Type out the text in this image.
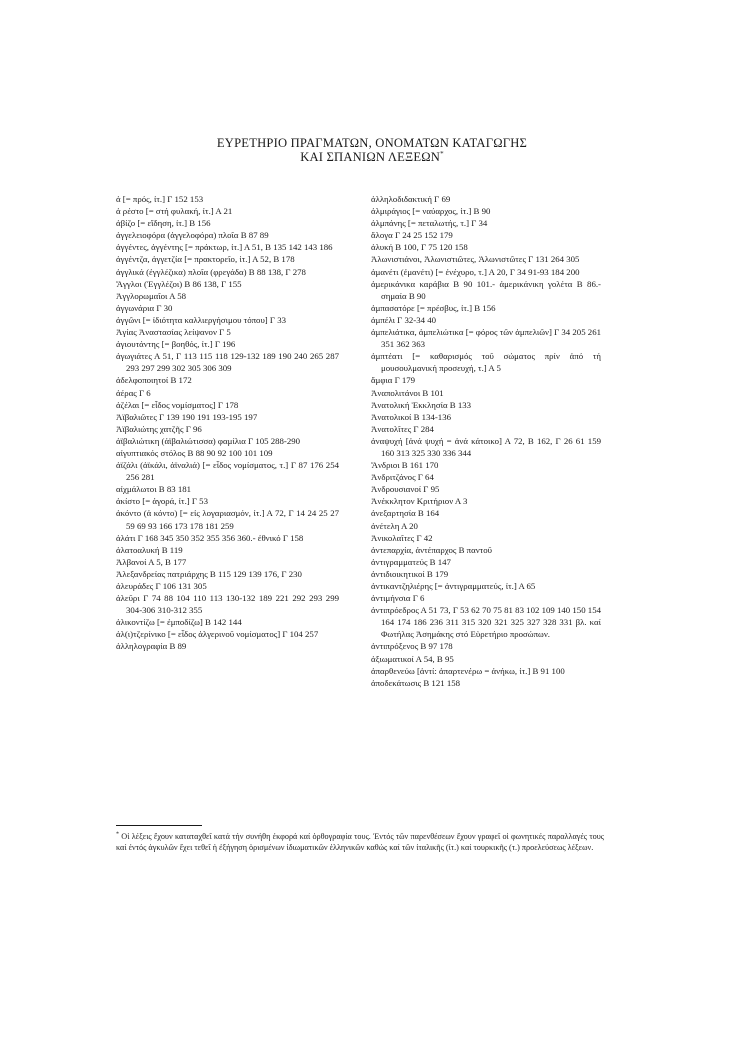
ΕΥΡΕΤΗΡΙΟ ΠΡΑΓΜΑΤΩΝ, ΟΝΟΜΑΤΩΝ ΚΑΤΑΓΩΓΗΣ
ΚΑΙ ΣΠΑΝΙΩΝ ΛΕΞΕΩΝ*

ἀ [= πρός, ἰτ.] Γ 152 153

ἀ ρέστο [= στή φυλακή, ἰτ.] Α 21

ἀβίζο [= εἴδηση, ἰτ.] Β 156

ἀγγελειοφόρα (ἀγγελοφόρα) πλοῖα Β 87 89

ἀγγέντες, ἀγγέντης [= πράκτωρ, ἰτ.] Α 51, Β 135 142 143 186

ἀγγέντζα, ἀγγετζία [= πρακτορεῖο, ἰτ.] Α 52, Β 178

ἀγγλικά (ἐγγλέζικα) πλοῖα (φρεγάδα) Β 88 138, Γ 278

Ἄγγλοι (Ἐγγλέζοι) Β 86 138, Γ 155

Ἀγγλορωμαῖοι Α 58

ἀγγωνάρια Γ 30

ἀγγῶνι [= ἰδιότητα καλλιεργήσιμου τόπου] Γ 33

Ἀγίας Ἀναστασίας λείψανον Γ 5

ἀγιουτάντης [= βοηθός, ἰτ.] Γ 196

ἀγωγιάτες Α 51, Γ 113 115 118 129-132 189 190 240 265 287 293 297 299 302 305 306 309

ἀδελφοποιητοί Β 172

ἀέρας Γ 6

ἀζέλαι [= εἶδος νομίσματος] Γ 178

Ἀϊβαλιῶτες Γ 139 190 191 193-195 197

Ἀϊβαλιώτης χατζῆς Γ 96

ἀϊβαλιώτικη (ἀϊβαλιώτισσα) φαμίλια Γ 105 288-290

αἰγυπτιακός στόλος Β 88 90 92 100 101 109

ἀϊζάλι (ἀϊκάλι, ἀϊναλιά) [= εἶδος νομίσματος, τ.] Γ 87 176 254 256 281

αἰχμάλωτοι Β 83 181

ἀκίστο [= ἀγορά, ἰτ.] Γ 53

ἀκόντο (ἀ κόντο) [= εἰς λογαριασμόν, ἰτ.] Α 72, Γ 14 24 25 27 59 69 93 166 173 178 181 259

ἀλάτι Γ 168 345 350 352 355 356 360.- ἐθνικό Γ 158

ἀλατοαλυκή Β 119

Ἀλβανοί Α 5, Β 177

Ἀλεξανδρείας πατριάρχης Β 115 129 139 176, Γ 230

ἀλευράδες Γ 106 131 305

ἀλεῦρι Γ 74 88 104 110 113 130-132 189 221 292 293 299 304-306 310-312 355

ἀλικοντίζω [= ἐμποδίζω] Β 142 144

ἀλ(ι)τζερίνικο [= εἶδος ἀλγερινοῦ νομίσματος] Γ 104 257

ἀλληλογραφία Β 89

ἀλληλοδιδακτική Γ 69

ἀλμιράγιος [= ναύαρχος, ἰτ.] Β 90

ἀλμπάνης [= πεταλωτής, τ.] Γ 34

ἄλογα Γ 24 25 152 179

ἀλυκή Β 100, Γ 75 120 158

Ἀλωνιστιάνοι, Ἀλωνιστιῶτες, Ἀλωνιστῶτες Γ 131 264 305

ἀμανέτι (ἐμανέτι) [= ἐνέχυρο, τ.] Α 20, Γ 34 91-93 184 200

ἀμερικάνικα καράβια Β 90 101.- ἀμερικάνικη γολέτα Β 86.- σημαία Β 90

ἀμπασατόρε [= πρέσβυς, ἰτ.] Β 156

ἀμπέλι Γ 32-34 40

ἀμπελιάτικα, ἀμπελιώτικα [= φόρος τῶν ἀμπελιῶν] Γ 34 205 261 351 362 363

ἀμπτέατι [= καθαρισμός τοῦ σώματος πρίν ἀπό τή μουσουλμανική προσευχή, τ.] Α 5

ἄμφια Γ 179

Ἀναπολιτάνοι Β 101

Ἀνατολική Ἐκκλησία Β 133

Ἀνατολικοί Β 134-136

Ἀνατολῖτες Γ 284

ἀναψυχή [ἀνά ψυχή = ἀνά κάτοικο] Α 72, Β 162, Γ 26 61 159 160 313 325 330 336 344

Ἄνδριοι Β 161 170

Ἀνδριτζάνος Γ 64

Ἀνδρουσιανοί Γ 95

Ἀνέκκλητον Κριτήριον Α 3

ἀνεξαρτησία Β 164

ἀνέτελη Α 20

Ἀνικολαῖτες Γ 42

ἀντεπαρχία, ἀντέπαρχος Β παντοῦ

ἀντιγραμματεύς Β 147

ἀντιδιοικητικοί Β 179

ἀντικαντζηλιέρης [= ἀντιγραμματεύς, ἰτ.] Α 65

ἀντιμήνσια Γ 6

ἀντιπρόεδρος Α 51 73, Γ 53 62 70 75 81 83 102 109 140 150 154 164 174 186 236 311 315 320 321 325 327 328 331 βλ. καί Φωτήλας Ἀσημάκης στό Εὑρετήριο προσώπων.

ἀντιπρόξενος Β 97 178

ἀξιωματικοί Α 54, Β 95

ἀπαρθενεύω [ἀντί: ἀπαρτενέρω = ἀνήκω, ἰτ.] Β 91 100

ἀποδεκάτωσις Β 121 158

* Οἱ λέξεις ἔχουν καταταχθεῖ κατά τήν συνήθη ἐκφορά καί ὀρθογραφία τους. Ἐντός τῶν παρενθέσεων ἔχουν γραφεῖ οἱ φωνητικές παραλλαγές τους καί ἐντός ἀγκυλῶν ἔχει τεθεῖ ἡ ἐξήγηση ὁρισμένων ἰδιωματικῶν ἑλληνικῶν καθώς καί τῶν ἰταλικῆς (ἰτ.) καί τουρκικῆς (τ.) προελεύσεως λέξεων.
